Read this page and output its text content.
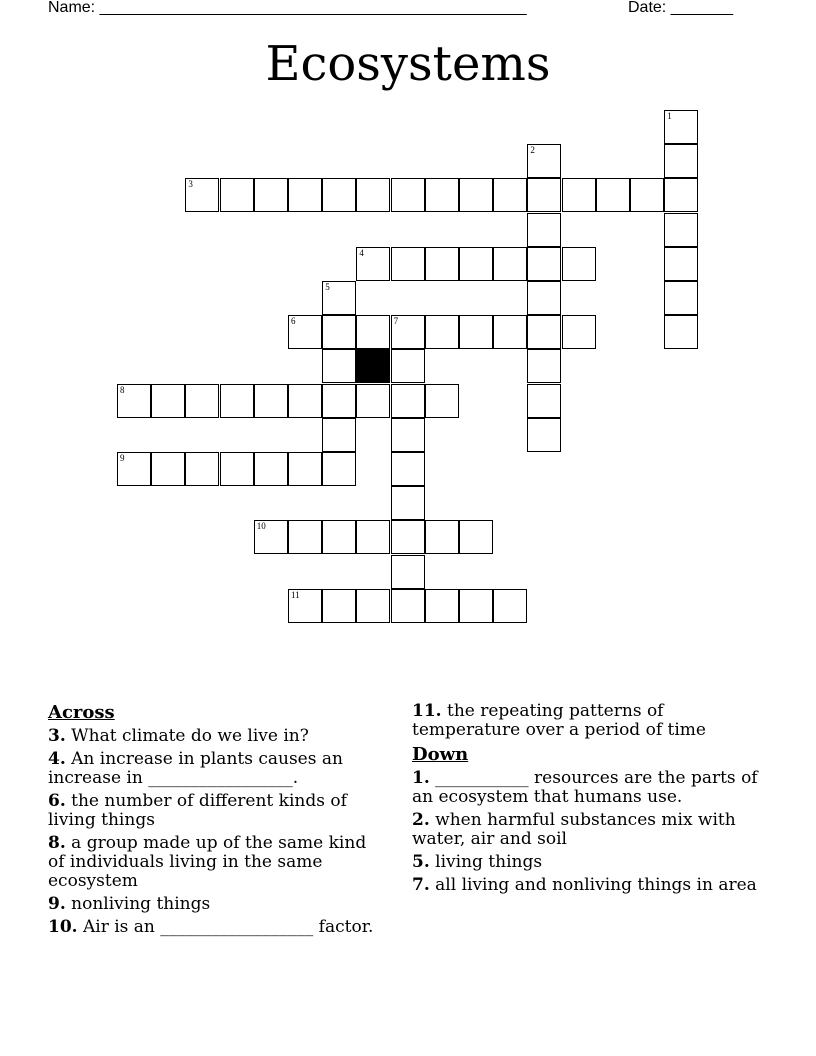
Name: ________________________________________________	Date: _______
Ecosystems
1
2
3
4
5
6	7
8
9
10
11
Across
3. What climate do we live in?
4. An increase in plants causes an increase in _________________.
6. the number of different kinds of living things
8. a group made up of the same kind of individuals living in the same ecosystem
9. nonliving things
10. Air is an __________________ factor.
11. the repeating patterns of temperature over a period of time
Down
1. ___________ resources are the parts of an ecosystem that humans use.
2. when harmful substances mix with water, air and soil
5. living things
7. all living and nonliving things in area
